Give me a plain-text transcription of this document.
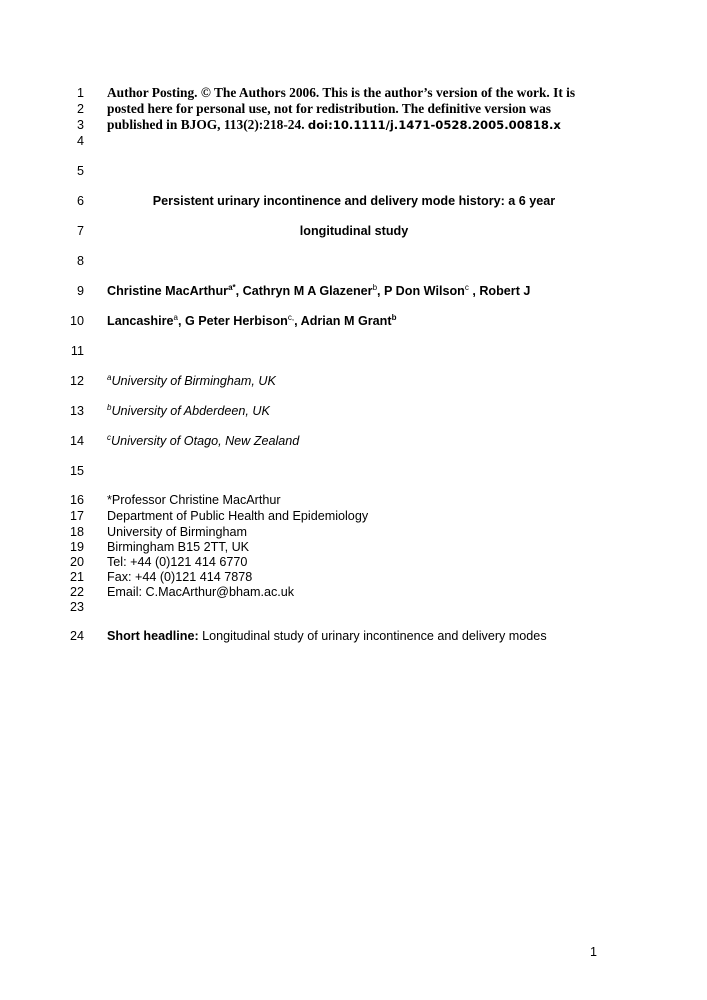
1
2
3
4
5
6
7
8
9
10
11
12
13
14
15
16
17
18
19
20
21
22
23
24
Author Posting. © The Authors 2006. This is the author’s version of the work. It is
posted here for personal use, not for redistribution. The definitive version was
published in BJOG, 113(2):218-24. doi:10.1111/j.1471-0528.2005.00818.x
Persistent urinary incontinence and delivery mode history: a 6 year
longitudinal study
Christine MacArthur$^{a*}$, Cathryn M A Glazener$^b$, P Don Wilson$^c$ , Robert J
Lancashire$^a$, G Peter Herbison$^{c,}$, Adrian M Grant$^b$
$^a$University of Birmingham, UK
$^b$University of Abderdeen, UK
$^c$University of Otago, New Zealand
*Professor Christine MacArthur
Department of Public Health and Epidemiology
University of Birmingham
Birmingham B15 2TT, UK
Tel: +44 (0)121 414 6770
Fax: +44 (0)121 414 7878
Email: C.MacArthur@bham.ac.uk
Short headline: Longitudinal study of urinary incontinence and delivery modes
1
